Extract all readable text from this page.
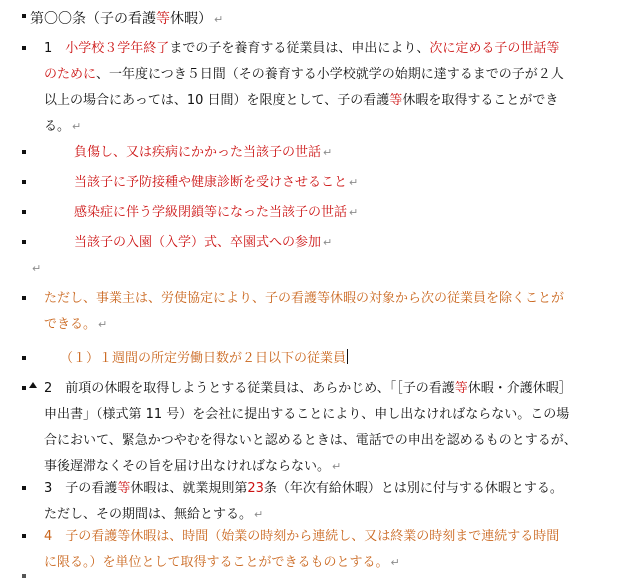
第〇〇条（子の看護等休暇） ↵
1　 小学校３学年終了までの子を養育する従業員は、申出により、次に定める子の世話等
のために、一年度につき５日間（その養育する小学校就学の始期に達するまでの子が２人
以上の場合にあっては、10 日間）を限度として、子の看護等休暇を取得することができ
る。 ↵
負傷し、又は疾病にかかった当該子の世話 ↵
当該子に予防接種や健康診断を受けさせること ↵
感染症に伴う学級閉鎖等になった当該子の世話 ↵
当該子の入園（入学）式、卒園式への参加 ↵
↵
ただし、事業主は、労使協定により、子の看護等休暇の対象から次の従業員を除くことが
できる。 ↵
（１）１週間の所定労働日数が２日以下の従業員
2　 前項の休暇を取得しようとする従業員は、あらかじめ、「［子の看護等休暇・介護休暇］
申出書」（様式第 11 号）を会社に提出することにより、申し出なければならない。この場
合において、緊急かつやむを得ないと認めるときは、電話での申出を認めるものとするが、
事後遅滞なくその旨を届け出なければならない。 ↵
3　 子の看護等休暇は、就業規則第23条（年次有給休暇）とは別に付与する休暇とする。
ただし、その期間は、無給とする。 ↵
4　 子の看護等休暇は、時間（始業の時刻から連続し、又は終業の時刻まで連続する時間
に限る。）を単位として取得することができるものとする。 ↵
